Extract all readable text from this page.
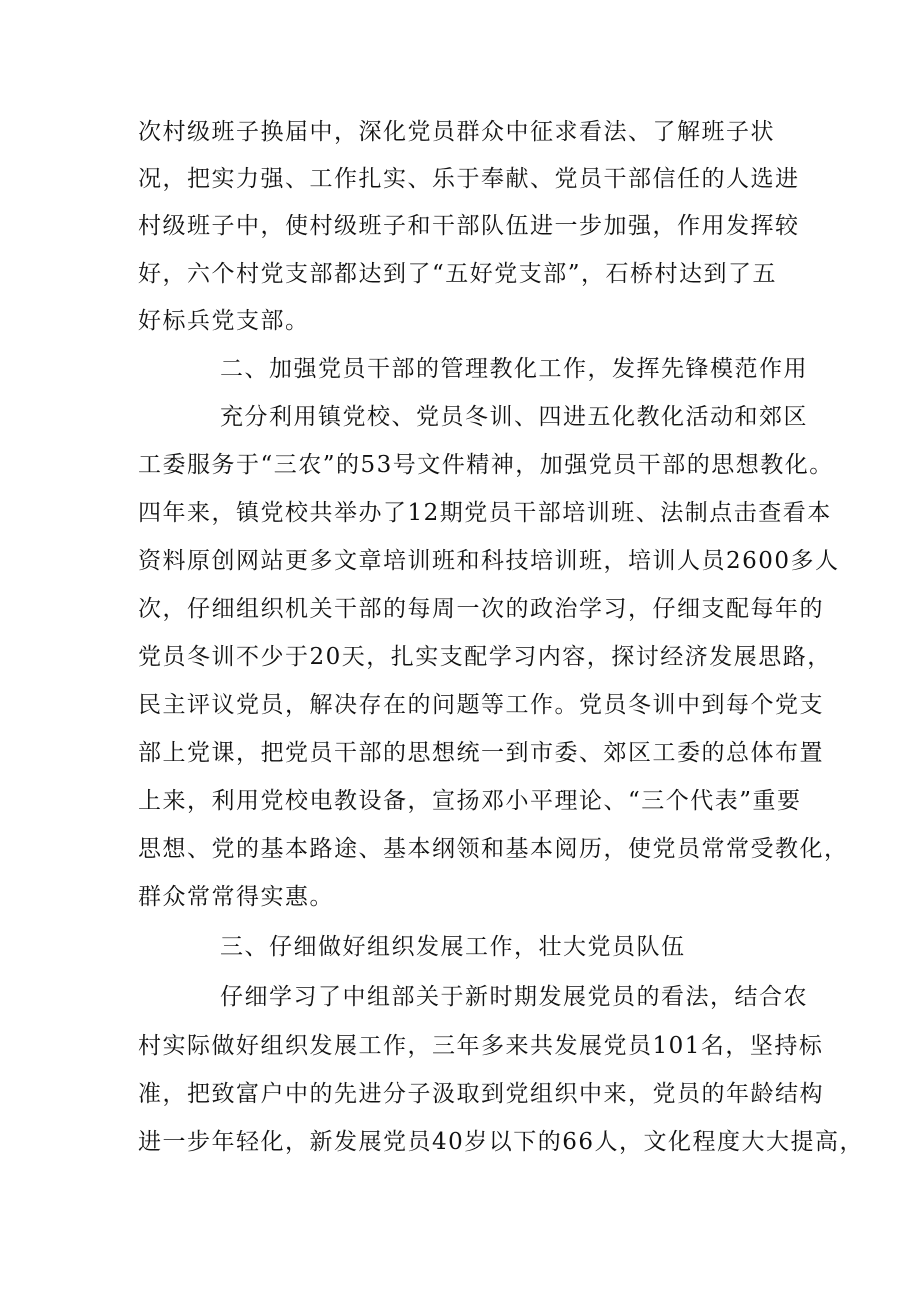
次村级班子换届中，深化党员群众中征求看法、了解班子状

况，把实力强、工作扎实、乐于奉献、党员干部信任的人选进

村级班子中，使村级班子和干部队伍进一步加强，作用发挥较

好，六个村党支部都达到了“五好党支部”，石桥村达到了五

好标兵党支部。

二、加强党员干部的管理教化工作，发挥先锋模范作用

充分利用镇党校、党员冬训、四进五化教化活动和郊区

工委服务于“三农”的53号文件精神，加强党员干部的思想教化。

四年来，镇党校共举办了12期党员干部培训班、法制点击查看本

资料原创网站更多文章培训班和科技培训班，培训人员2600多人

次，仔细组织机关干部的每周一次的政治学习，仔细支配每年的

党员冬训不少于20天，扎实支配学习内容，探讨经济发展思路，

民主评议党员，解决存在的问题等工作。党员冬训中到每个党支

部上党课，把党员干部的思想统一到市委、郊区工委的总体布置

上来，利用党校电教设备，宣扬邓小平理论、“三个代表”重要

思想、党的基本路途、基本纲领和基本阅历，使党员常常受教化，

群众常常得实惠。

三、仔细做好组织发展工作，壮大党员队伍

仔细学习了中组部关于新时期发展党员的看法，结合农

村实际做好组织发展工作，三年多来共发展党员101名，坚持标

准，把致富户中的先进分子汲取到党组织中来，党员的年龄结构

进一步年轻化，新发展党员40岁以下的66人，文化程度大大提高，
